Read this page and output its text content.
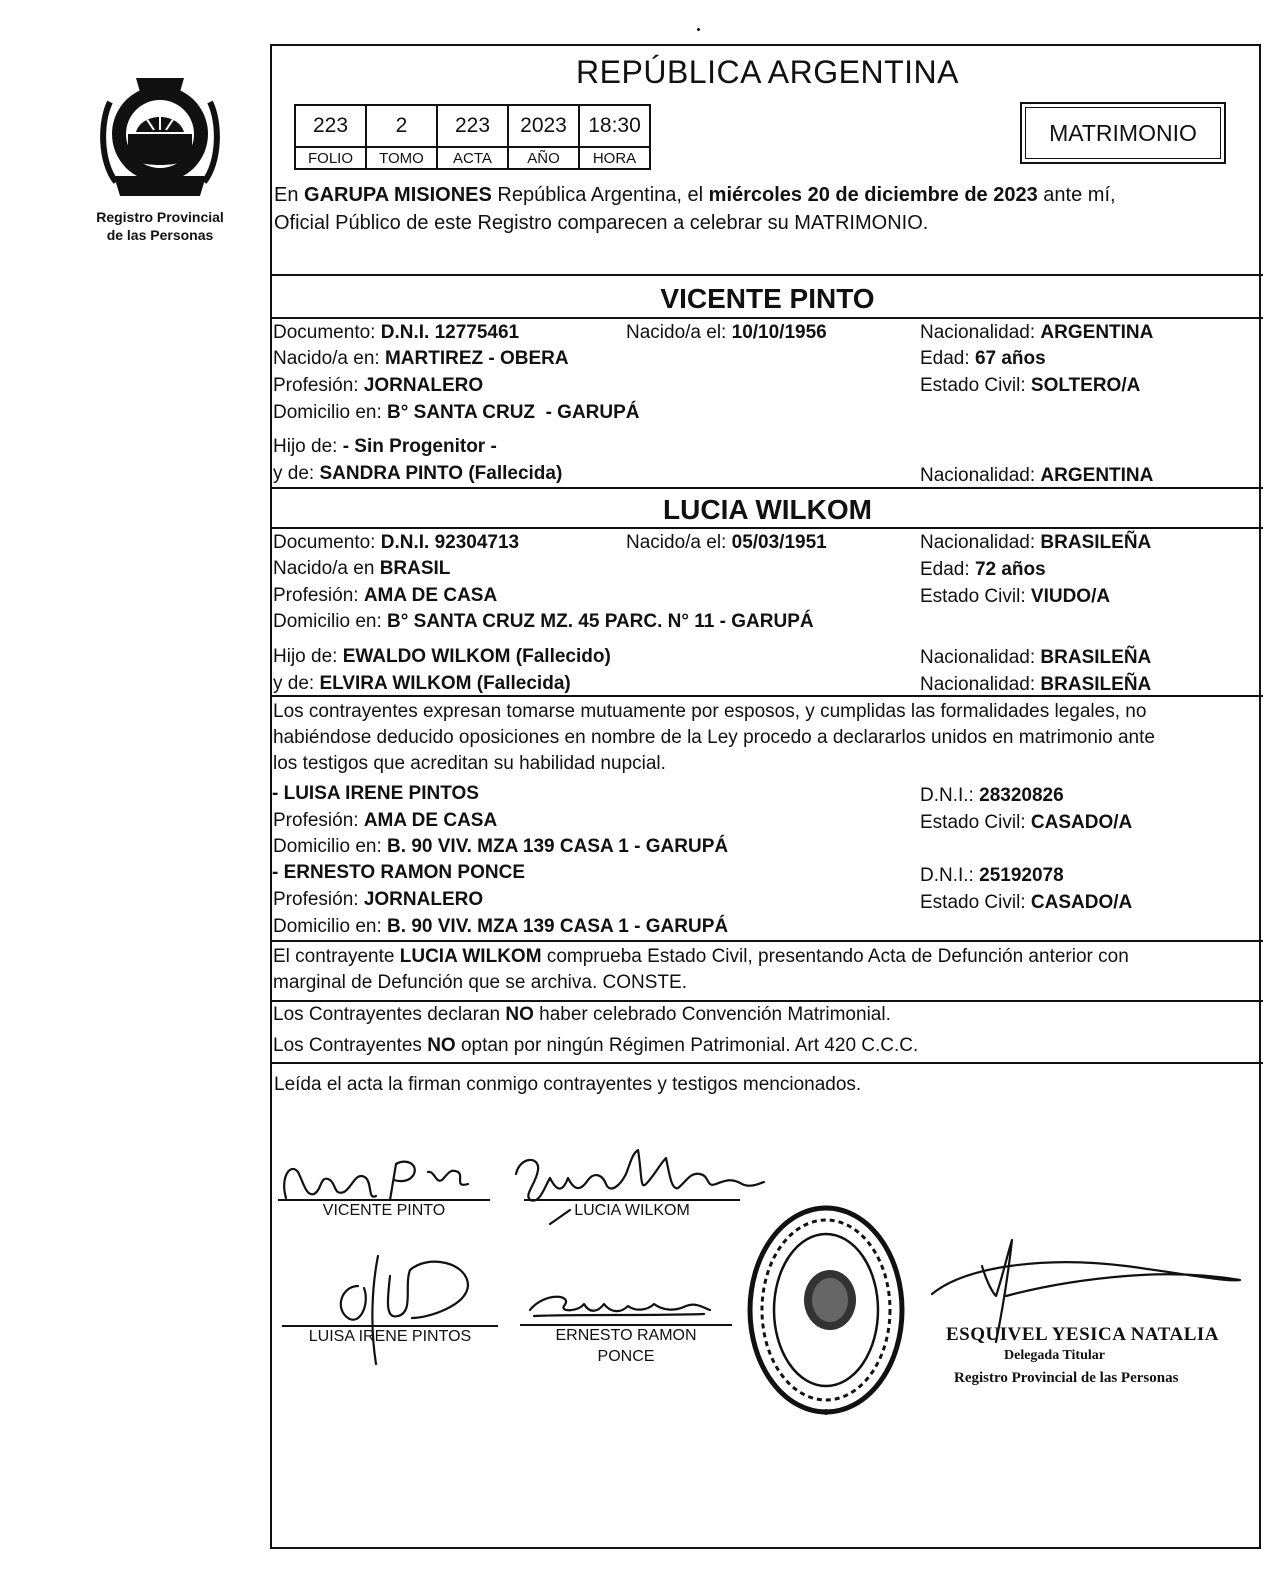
Registro Provincial
de las Personas
REPÚBLICA ARGENTINA
223	2	223	2023	18:30
FOLIO	TOMO	ACTA	AÑO	HORA
MATRIMONIO
En GARUPA MISIONES República Argentina, el miércoles 20 de diciembre de 2023 ante mí,
Oficial Público de este Registro comparecen a celebrar su MATRIMONIO.
VICENTE PINTO
Documento: D.N.I. 12775461	Nacido/a el: 10/10/1956	Nacionalidad: ARGENTINA
Nacido/a en: MARTIREZ - OBERA	Edad: 67 años
Profesión: JORNALERO	Estado Civil: SOLTERO/A
Domicilio en: B° SANTA CRUZ  - GARUPÁ
Hijo de: - Sin Progenitor -
y de: SANDRA PINTO (Fallecida)	Nacionalidad: ARGENTINA
LUCIA WILKOM
Documento: D.N.I. 92304713	Nacido/a el: 05/03/1951	Nacionalidad: BRASILEÑA
Nacido/a en BRASIL	Edad: 72 años
Profesión: AMA DE CASA	Estado Civil: VIUDO/A
Domicilio en: B° SANTA CRUZ MZ. 45 PARC. N° 11 - GARUPÁ
Hijo de: EWALDO WILKOM (Fallecido)	Nacionalidad: BRASILEÑA
y de: ELVIRA WILKOM (Fallecida)	Nacionalidad: BRASILEÑA
Los contrayentes expresan tomarse mutuamente por esposos, y cumplidas las formalidades legales, no
habiéndose deducido oposiciones en nombre de la Ley procedo a declararlos unidos en matrimonio ante
los testigos que acreditan su habilidad nupcial.
- LUISA IRENE PINTOS	D.N.I.: 28320826
Profesión: AMA DE CASA	Estado Civil: CASADO/A
Domicilio en: B. 90 VIV. MZA 139 CASA 1 - GARUPÁ
- ERNESTO RAMON PONCE	D.N.I.: 25192078
Profesión: JORNALERO	Estado Civil: CASADO/A
Domicilio en: B. 90 VIV. MZA 139 CASA 1 - GARUPÁ
El contrayente LUCIA WILKOM comprueba Estado Civil, presentando Acta de Defunción anterior con
marginal de Defunción que se archiva. CONSTE.
Los Contrayentes declaran NO haber celebrado Convención Matrimonial.
Los Contrayentes NO optan por ningún Régimen Patrimonial. Art 420 C.C.C.
Leída el acta la firman conmigo contrayentes y testigos mencionados.
VICENTE PINTO	LUCIA WILKOM
LUISA IRENE PINTOS	ERNESTO RAMON
PONCE
ESQUIVEL YESICA NATALIA
Delegada Titular
Registro Provincial de las Personas
